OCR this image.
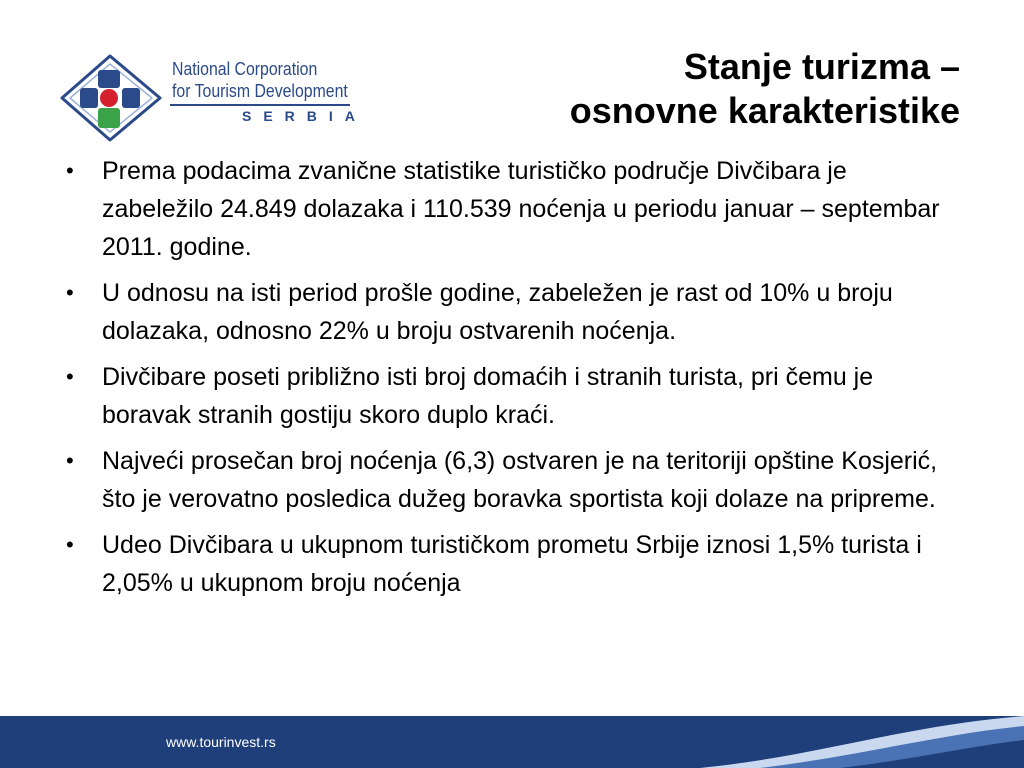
National Corporation
for Tourism Development
SERBIA
Stanje turizma –
osnovne karakteristike
• Prema podacima zvanične statistike turističko područje Divčibara je zabeležilo 24.849 dolazaka i 110.539 noćenja u periodu januar – septembar 2011. godine.
• U odnosu na isti period prošle godine, zabeležen je rast od 10% u broju dolazaka, odnosno 22% u broju ostvarenih noćenja.
• Divčibare poseti približno isti broj domaćih i stranih turista, pri čemu je boravak stranih gostiju skoro duplo kraći.
• Najveći prosečan broj noćenja (6,3) ostvaren je na teritoriji opštine Kosjerić, što je verovatno posledica dužeg boravka sportista koji dolaze na pripreme.
• Udeo Divčibara u ukupnom turističkom prometu Srbije iznosi 1,5% turista i 2,05% u ukupnom broju noćenja
www.tourinvest.rs
